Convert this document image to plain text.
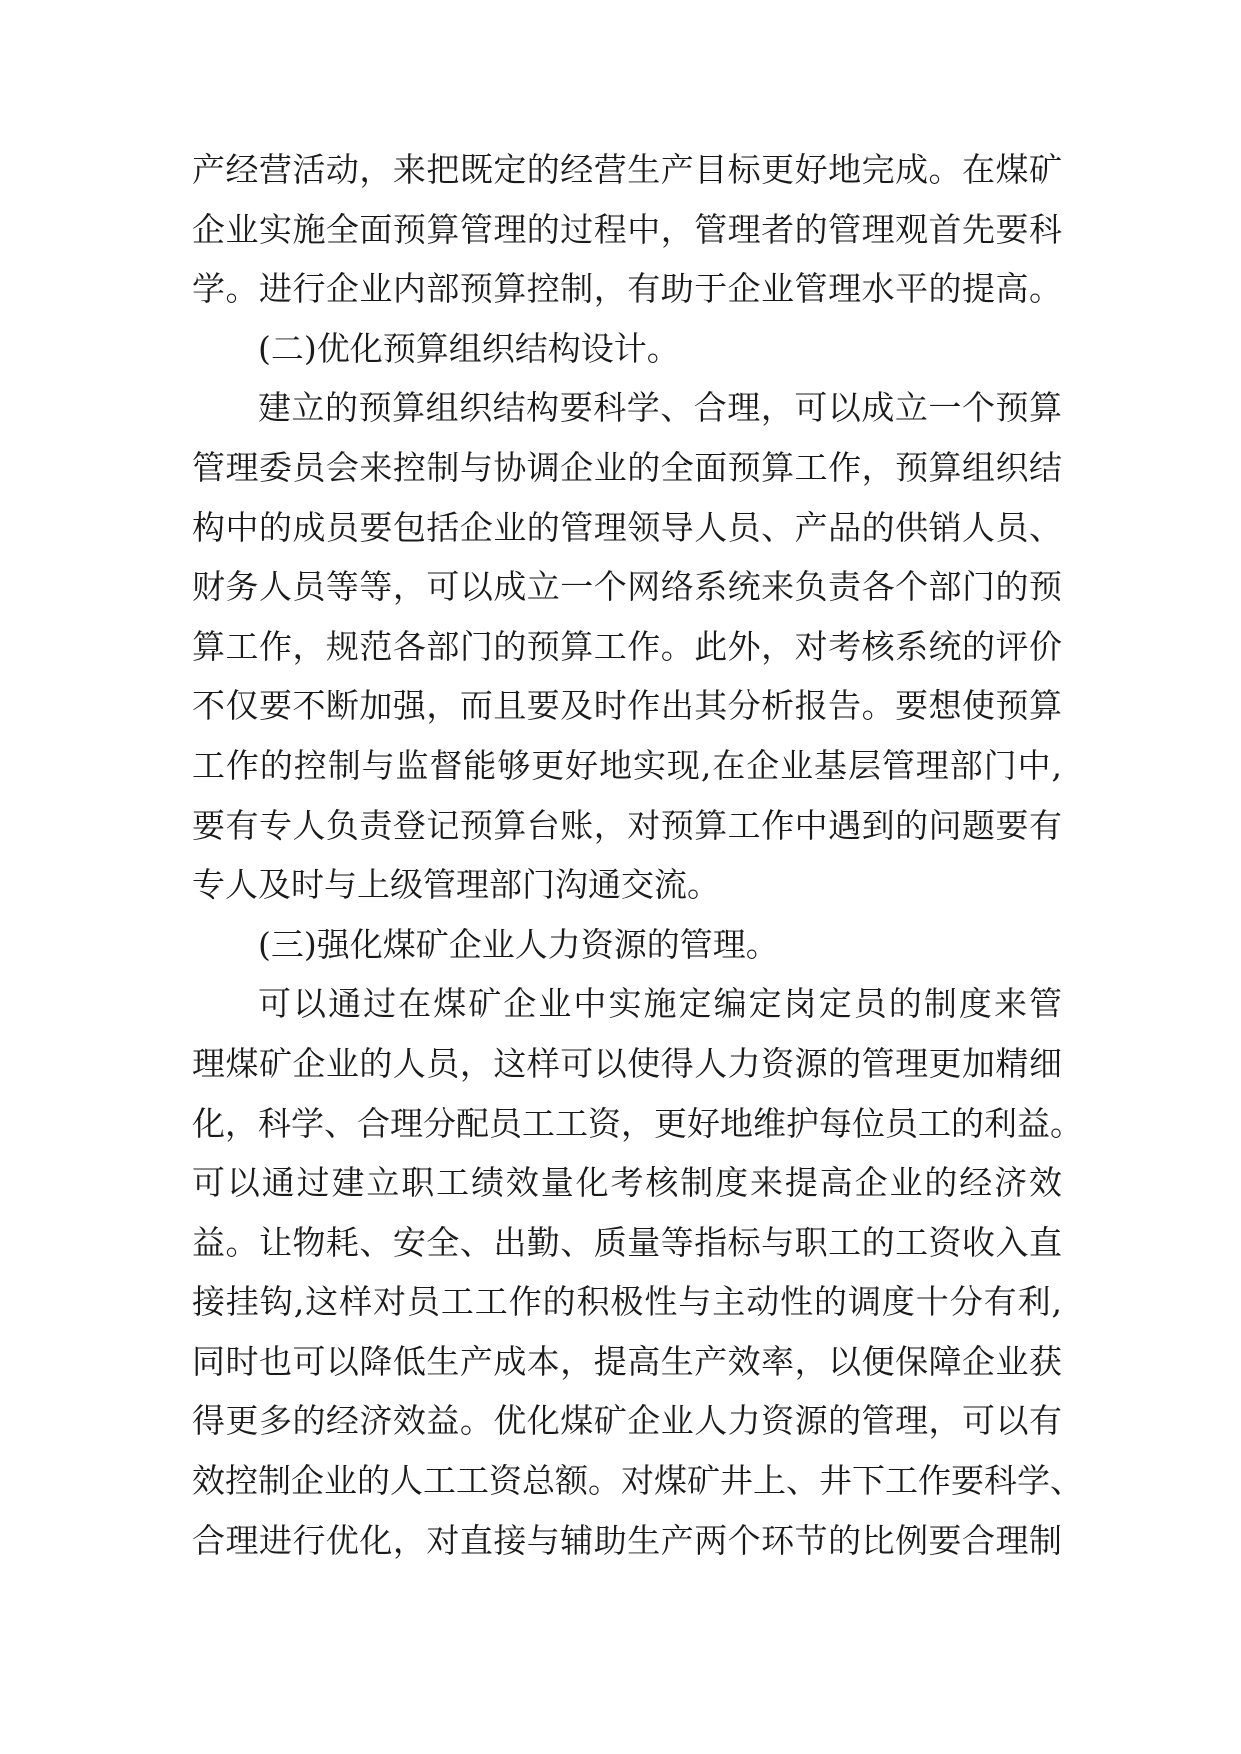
产经营活动，来把既定的经营生产目标更好地完成。在煤矿
企业实施全面预算管理的过程中，管理者的管理观首先要科
学。进行企业内部预算控制，有助于企业管理水平的提高。
(二)优化预算组织结构设计。
建立的预算组织结构要科学、合理，可以成立一个预算
管理委员会来控制与协调企业的全面预算工作，预算组织结
构中的成员要包括企业的管理领导人员、产品的供销人员、
财务人员等等，可以成立一个网络系统来负责各个部门的预
算工作，规范各部门的预算工作。此外，对考核系统的评价
不仅要不断加强，而且要及时作出其分析报告。要想使预算
工作的控制与监督能够更好地实现,在企业基层管理部门中,
要有专人负责登记预算台账，对预算工作中遇到的问题要有
专人及时与上级管理部门沟通交流。
(三)强化煤矿企业人力资源的管理。
可以通过在煤矿企业中实施定编定岗定员的制度来管
理煤矿企业的人员，这样可以使得人力资源的管理更加精细
化，科学、合理分配员工工资，更好地维护每位员工的利益。
可以通过建立职工绩效量化考核制度来提高企业的经济效
益。让物耗、安全、出勤、质量等指标与职工的工资收入直
接挂钩,这样对员工工作的积极性与主动性的调度十分有利,
同时也可以降低生产成本，提高生产效率，以便保障企业获
得更多的经济效益。优化煤矿企业人力资源的管理，可以有
效控制企业的人工工资总额。对煤矿井上、井下工作要科学、
合理进行优化，对直接与辅助生产两个环节的比例要合理制
